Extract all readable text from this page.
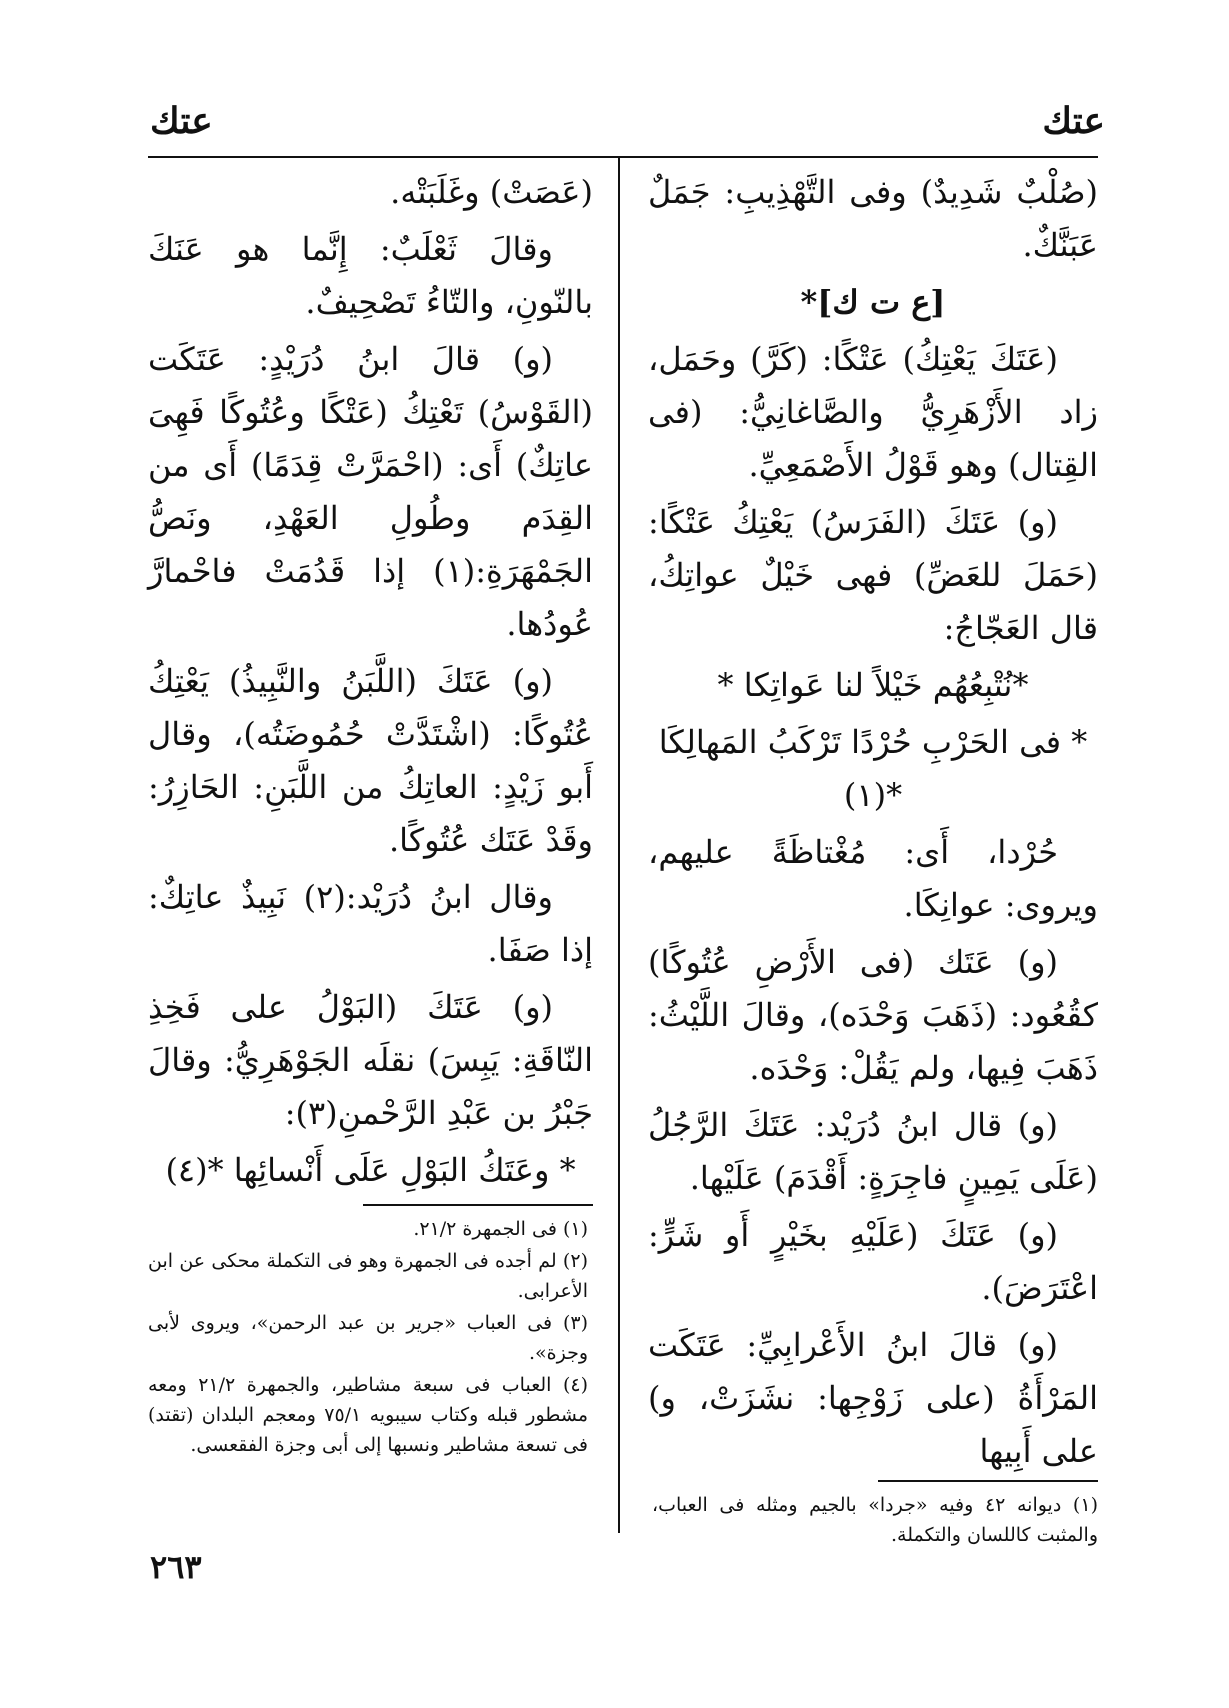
عتك
عتك

(صُلْبٌ شَدِيدٌ) وفى التَّهْذِيبِ: جَمَلٌ عَبَنَّكٌ.

[ع ت ك]*

(عَتَكَ يَعْتِكُ) عَتْكًا: (كَرَّ) وحَمَل، زاد الأَزْهَرِيُّ والصَّاغانِيُّ: (فى القِتال) وهو قَوْلُ الأَصْمَعِيِّ.

(و) عَتَكَ (الفَرَسُ) يَعْتِكُ عَتْكًا: (حَمَلَ للعَضِّ) فهى خَيْلٌ عواتِكُ، قال العَجّاجُ:

*نُتْبِعُهُم خَيْلاً لنا عَواتِكا *

* فى الحَرْبِ حُرْدًا تَرْكَبُ المَهالِكَا *(١)

حُرْدا، أَى: مُغْتاظَةً عليهم، ويروى: عوانِكَا.

(و) عَتَك (فى الأَرْضِ عُتُوكًا) كقُعُود: (ذَهَبَ وَحْدَه)، وقالَ اللَّيْثُ: ذَهَبَ فِيها، ولم يَقُلْ: وَحْدَه.

(و) قال ابنُ دُرَيْد: عَتَكَ الرَّجُلُ (عَلَى يَمِينٍ فاجِرَةٍ: أَقْدَمَ) عَلَيْها.

(و) عَتَكَ (عَلَيْهِ بخَيْرٍ أَو شَرٍّ: اعْتَرَضَ).

(و) قالَ ابنُ الأَعْرابِيِّ: عَتَكَت المَرْأَةُ (على زَوْجِها: نشَزَتْ، و) على أَبِيها

(عَصَتْ) وغَلَبَتْه.

وقالَ ثَعْلَبٌ: إِنَّما هو عَنَكَ بالنّونِ، والتّاءُ تَصْحِيفٌ.

(و) قالَ ابنُ دُرَيْدٍ: عَتَكَت (القَوْسُ) تَعْتِكُ (عَتْكًا وعُتُوكًا فَهِىَ عاتِكٌ) أَى: (احْمَرَّتْ قِدَمًا) أَى من القِدَم وطُولِ العَهْدِ، ونَصُّ الجَمْهَرَةِ:(١) إذا قَدُمَتْ فاحْمارَّ عُودُها.

(و) عَتَكَ (اللَّبَنُ والنَّبِيذُ) يَعْتِكُ عُتُوكًا: (اشْتَدَّتْ حُمُوضَتُه)، وقال أَبو زَيْدٍ: العاتِكُ من اللَّبَنِ: الحَازِرُ: وقَدْ عَتَك عُتُوكًا.

وقال ابنُ دُرَيْد:(٢) نَبِيذٌ عاتِكٌ: إذا صَفَا.

(و) عَتَكَ (البَوْلُ على فَخِذِ النّاقَةِ: يَبِسَ) نقلَه الجَوْهَرِيُّ: وقالَ جَبْرُ بن عَبْدِ الرَّحْمنِ(٣):

* وعَتَكُ البَوْلِ عَلَى أَنْسائِها *(٤)

(١) فى الجمهرة ٢١/٢.

(٢) لم أجده فى الجمهرة وهو فى التكملة محكى عن ابن الأعرابى.

(٣) فى العباب «جرير بن عبد الرحمن»، ويروى لأبى وجزة».

(٤) العباب فى سبعة مشاطير، والجمهرة ٢١/٢ ومعه مشطور قبله وكتاب سيبويه ٧٥/١ ومعجم البلدان (تقتد) فى تسعة مشاطير ونسبها إلى أبى وجزة الفقعسى.

(١) ديوانه ٤٢ وفيه «جردا» بالجيم ومثله فى العباب، والمثبت كاللسان والتكملة.

٢٦٣
